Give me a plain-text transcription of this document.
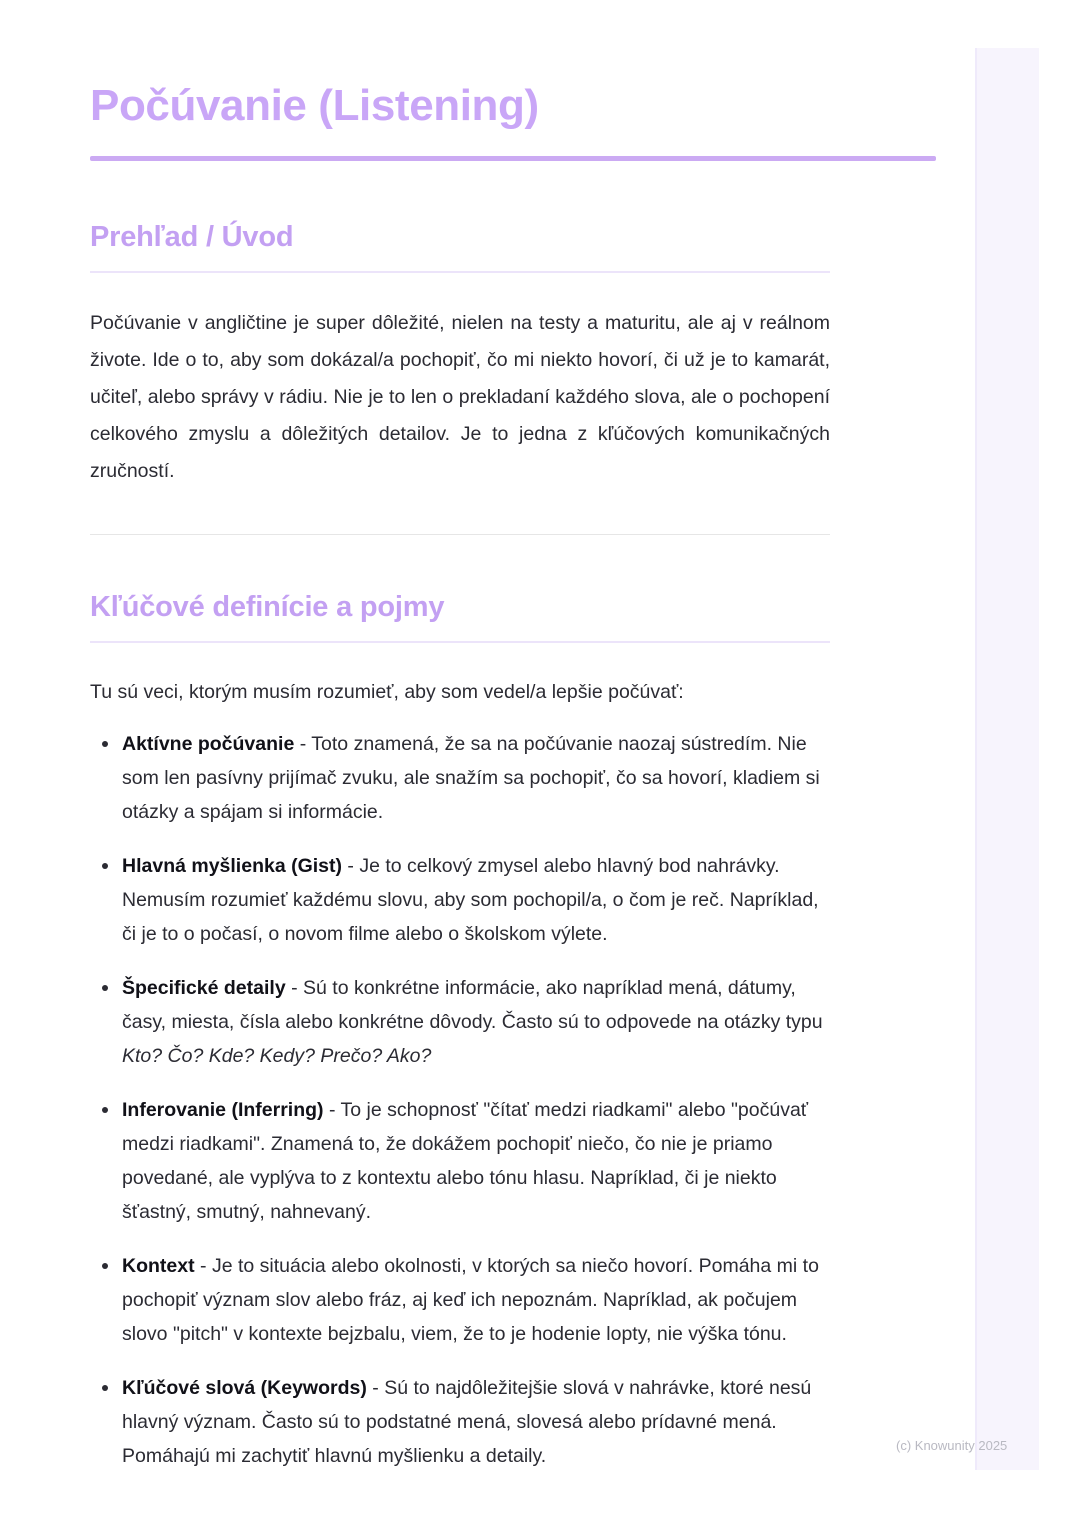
Počúvanie (Listening)
Prehľad / Úvod

Počúvanie v angličtine je super dôležité, nielen na testy a maturitu, ale aj v reálnom živote. Ide o to, aby som dokázal/a pochopiť, čo mi niekto hovorí, či už je to kamarát, učiteľ, alebo správy v rádiu. Nie je to len o prekladaní každého slova, ale o pochopení celkového zmyslu a dôležitých detailov. Je to jedna z kľúčových komunikačných zručností.

Kľúčové definície a pojmy

Tu sú veci, ktorým musím rozumieť, aby som vedel/a lepšie počúvať:

Aktívne počúvanie - Toto znamená, že sa na počúvanie naozaj sústredím. Nie som len pasívny prijímač zvuku, ale snažím sa pochopiť, čo sa hovorí, kladiem si otázky a spájam si informácie.
Hlavná myšlienka (Gist) - Je to celkový zmysel alebo hlavný bod nahrávky. Nemusím rozumieť každému slovu, aby som pochopil/a, o čom je reč. Napríklad, či je to o počasí, o novom filme alebo o školskom výlete.
Špecifické detaily - Sú to konkrétne informácie, ako napríklad mená, dátumy, časy, miesta, čísla alebo konkrétne dôvody. Často sú to odpovede na otázky typu Kto? Čo? Kde? Kedy? Prečo? Ako?
Inferovanie (Inferring) - To je schopnosť "čítať medzi riadkami" alebo "počúvať medzi riadkami". Znamená to, že dokážem pochopiť niečo, čo nie je priamo povedané, ale vyplýva to z kontextu alebo tónu hlasu. Napríklad, či je niekto šťastný, smutný, nahnevaný.
Kontext - Je to situácia alebo okolnosti, v ktorých sa niečo hovorí. Pomáha mi to pochopiť význam slov alebo fráz, aj keď ich nepoznám. Napríklad, ak počujem slovo "pitch" v kontexte bejzbalu, viem, že to je hodenie lopty, nie výška tónu.
Kľúčové slová (Keywords) - Sú to najdôležitejšie slová v nahrávke, ktoré nesú hlavný význam. Často sú to podstatné mená, slovesá alebo prídavné mená. Pomáhajú mi zachytiť hlavnú myšlienku a detaily.	(c) Knowunity 2025
